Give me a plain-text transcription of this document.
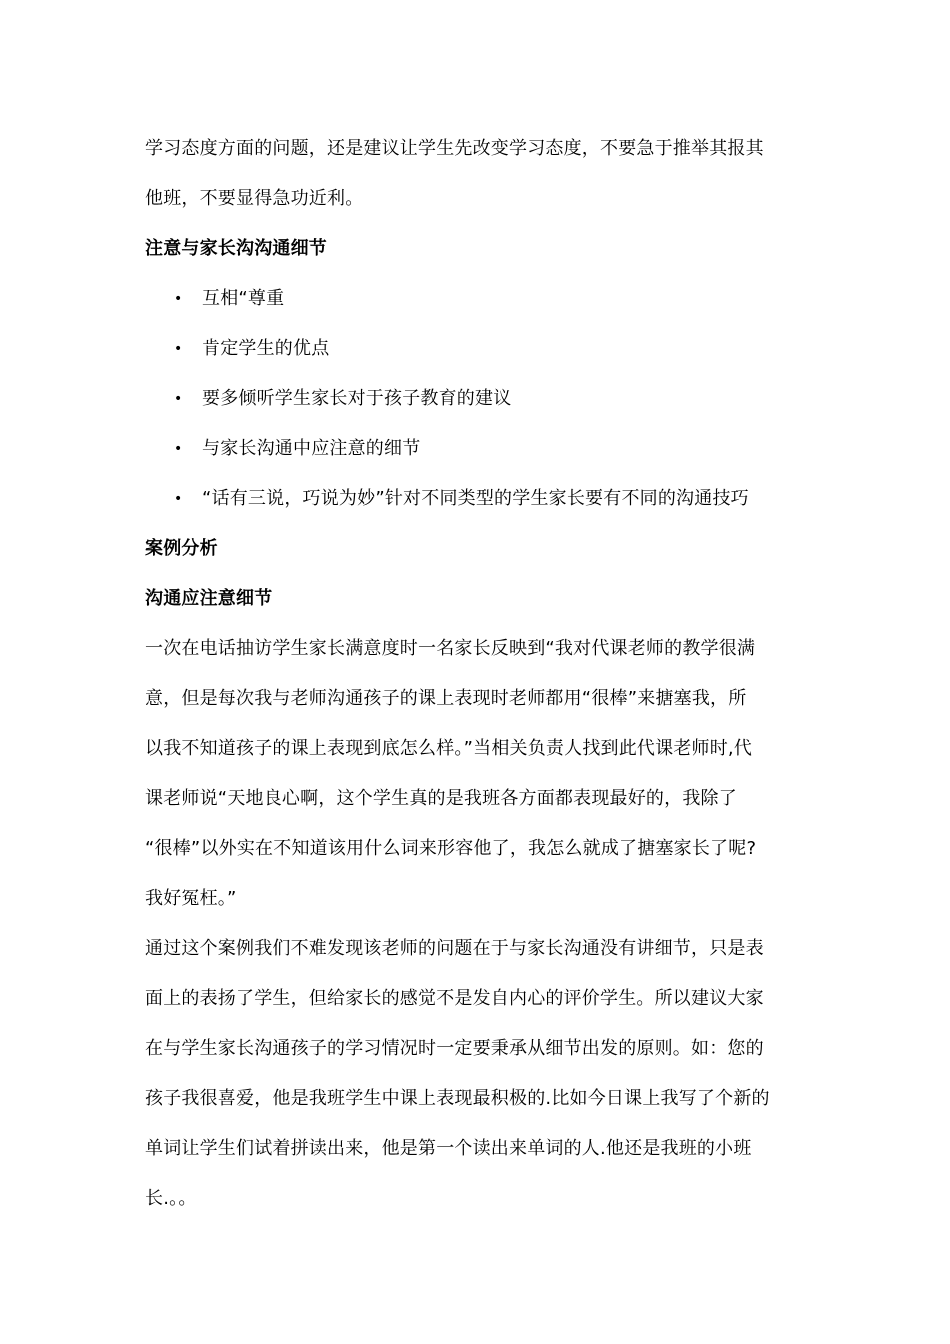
学习态度方面的问题，还是建议让学生先改变学习态度，不要急于推举其报其
他班，不要显得急功近利。
注意与家长沟沟通细节
• 互相“尊重
• 肯定学生的优点
• 要多倾听学生家长对于孩子教育的建议
• 与家长沟通中应注意的细节
• “话有三说，巧说为妙”针对不同类型的学生家长要有不同的沟通技巧
案例分析
沟通应注意细节
一次在电话抽访学生家长满意度时一名家长反映到“我对代课老师的教学很满
意，但是每次我与老师沟通孩子的课上表现时老师都用“很棒”来搪塞我，所
以我不知道孩子的课上表现到底怎么样。”当相关负责人找到此代课老师时,代
课老师说“天地良心啊，这个学生真的是我班各方面都表现最好的，我除了
“很棒”以外实在不知道该用什么词来形容他了，我怎么就成了搪塞家长了呢?
我好冤枉。”
通过这个案例我们不难发现该老师的问题在于与家长沟通没有讲细节，只是表
面上的表扬了学生，但给家长的感觉不是发自内心的评价学生。所以建议大家
在与学生家长沟通孩子的学习情况时一定要秉承从细节出发的原则。如：您的
孩子我很喜爱，他是我班学生中课上表现最积极的.比如今日课上我写了个新的
单词让学生们试着拼读出来，他是第一个读出来单词的人.他还是我班的小班
长.。。
